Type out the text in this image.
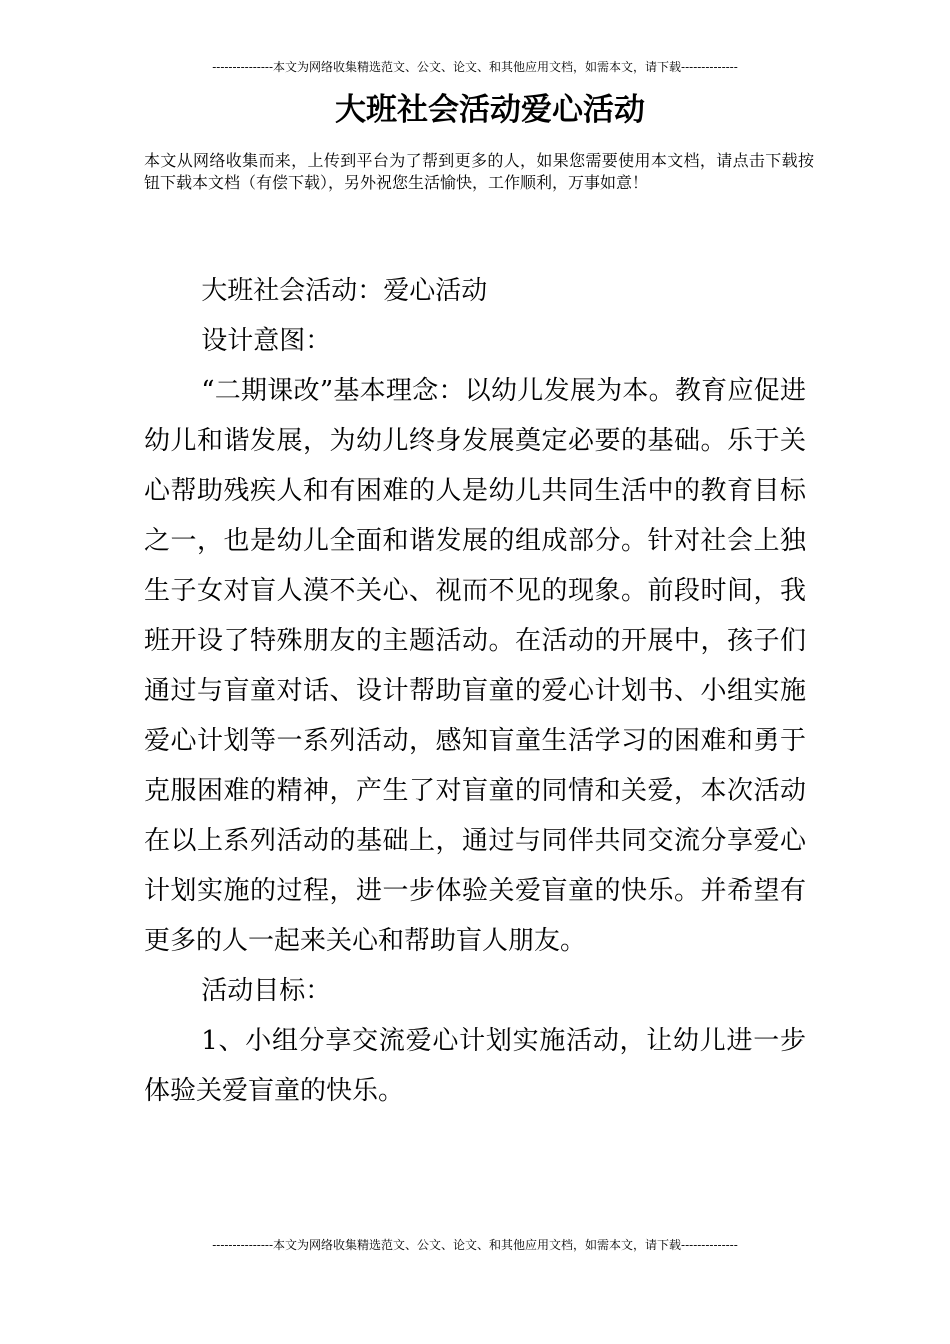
---------------本文为网络收集精选范文、公文、论文、和其他应用文档，如需本文，请下载--------------
大班社会活动爱心活动

本文从网络收集而来，上传到平台为了帮到更多的人，如果您需要使用本文档，请点击下载按钮下载本文档（有偿下载），另外祝您生活愉快，工作顺利，万事如意！

大班社会活动：爱心活动

设计意图：

“二期课改”基本理念：以幼儿发展为本。教育应促进幼儿和谐发展，为幼儿终身发展奠定必要的基础。乐于关心帮助残疾人和有困难的人是幼儿共同生活中的教育目标之一，也是幼儿全面和谐发展的组成部分。针对社会上独生子女对盲人漠不关心、视而不见的现象。前段时间，我班开设了特殊朋友的主题活动。在活动的开展中，孩子们通过与盲童对话、设计帮助盲童的爱心计划书、小组实施爱心计划等一系列活动，感知盲童生活学习的困难和勇于克服困难的精神，产生了对盲童的同情和关爱，本次活动在以上系列活动的基础上，通过与同伴共同交流分享爱心计划实施的过程，进一步体验关爱盲童的快乐。并希望有更多的人一起来关心和帮助盲人朋友。

活动目标：

1、小组分享交流爱心计划实施活动，让幼儿进一步体验关爱盲童的快乐。

---------------本文为网络收集精选范文、公文、论文、和其他应用文档，如需本文，请下载--------------
